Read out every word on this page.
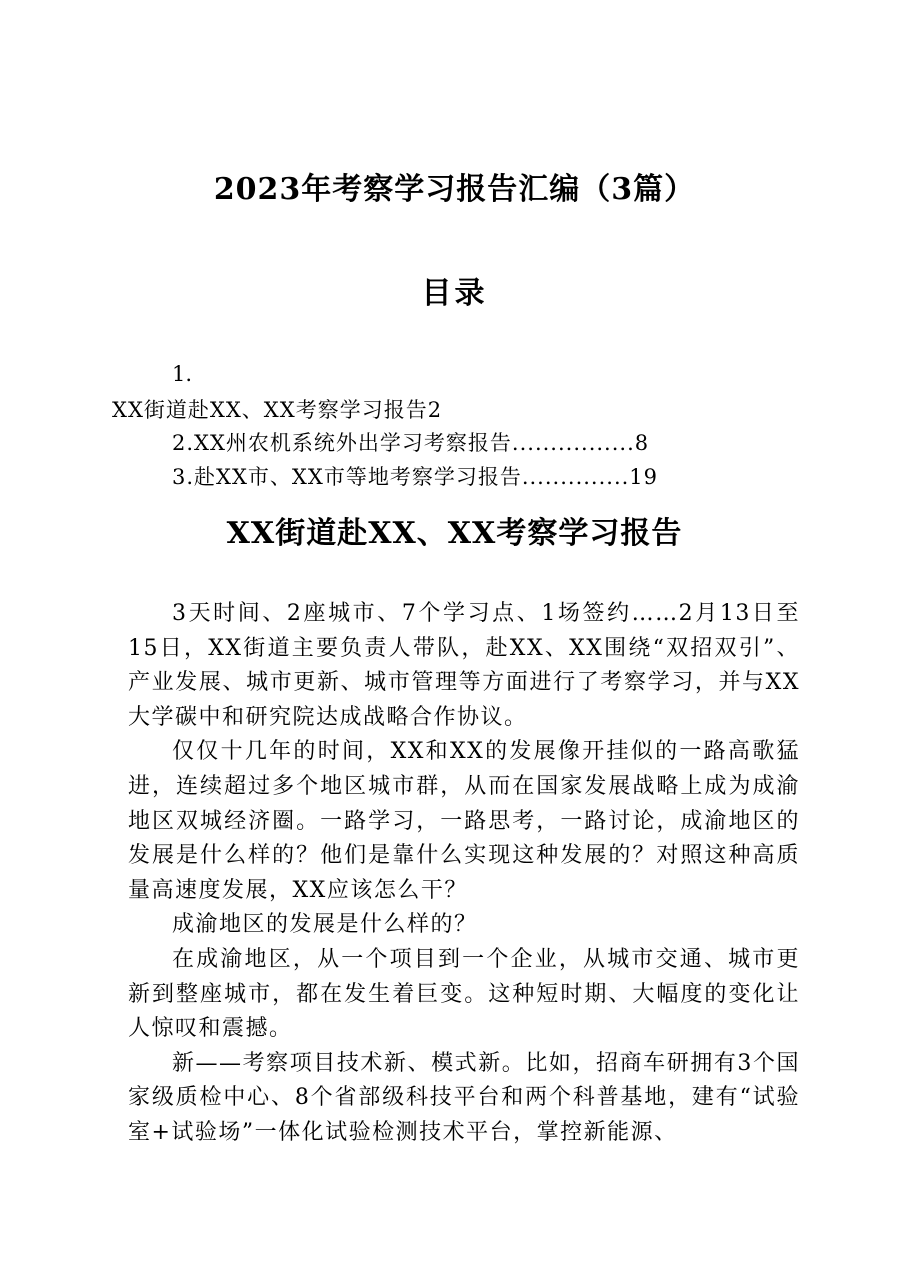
2023年考察学习报告汇编（3篇）
目录
1.
XX街道赴XX、XX考察学习报告2
2.XX州农机系统外出学习考察报告................8
3.赴XX市、XX市等地考察学习报告..............19
XX街道赴XX、XX考察学习报告

3天时间、2座城市、7个学习点、1场签约……2月13日至15日，XX街道主要负责人带队，赴XX、XX围绕“双招双引”、产业发展、城市更新、城市管理等方面进行了考察学习，并与XX大学碳中和研究院达成战略合作协议。

仅仅十几年的时间，XX和XX的发展像开挂似的一路高歌猛进，连续超过多个地区城市群，从而在国家发展战略上成为成渝地区双城经济圈。一路学习，一路思考，一路讨论，成渝地区的发展是什么样的？他们是靠什么实现这种发展的？对照这种高质量高速度发展，XX应该怎么干？

成渝地区的发展是什么样的？

在成渝地区，从一个项目到一个企业，从城市交通、城市更新到整座城市，都在发生着巨变。这种短时期、大幅度的变化让人惊叹和震撼。

新——考察项目技术新、模式新。比如，招商车研拥有3个国家级质检中心、8个省部级科技平台和两个科普基地，建有“试验室+试验场”一体化试验检测技术平台，掌控新能源、
